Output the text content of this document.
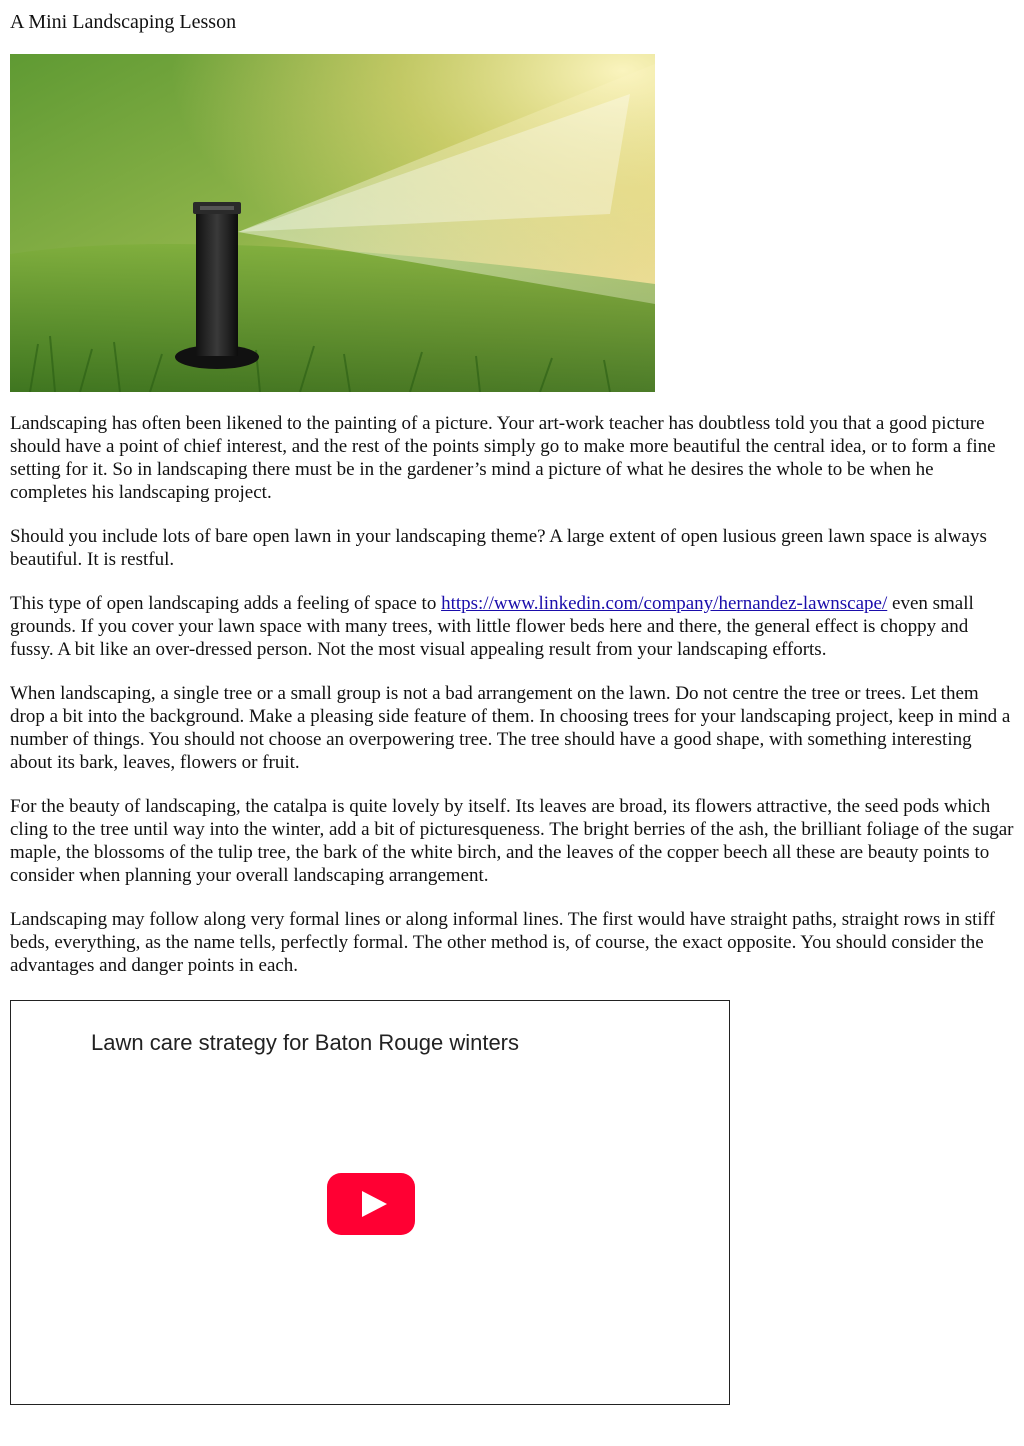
A Mini Landscaping Lesson

Landscaping has often been likened to the painting of a picture. Your art-work teacher has doubtless told you that a good picture should have a point of chief interest, and the rest of the points simply go to make more beautiful the central idea, or to form a fine setting for it. So in landscaping there must be in the gardener’s mind a picture of what he desires the whole to be when he completes his landscaping project.

Should you include lots of bare open lawn in your landscaping theme? A large extent of open lusious green lawn space is always beautiful. It is restful.

This type of open landscaping adds a feeling of space to https://www.linkedin.com/company/hernandez-lawnscape/ even small grounds. If you cover your lawn space with many trees, with little flower beds here and there, the general effect is choppy and fussy. A bit like an over-dressed person. Not the most visual appealing result from your landscaping efforts.

When landscaping, a single tree or a small group is not a bad arrangement on the lawn. Do not centre the tree or trees. Let them drop a bit into the background. Make a pleasing side feature of them. In choosing trees for your landscaping project, keep in mind a number of things. You should not choose an overpowering tree. The tree should have a good shape, with something interesting about its bark, leaves, flowers or fruit.

For the beauty of landscaping, the catalpa is quite lovely by itself. Its leaves are broad, its flowers attractive, the seed pods which cling to the tree until way into the winter, add a bit of picturesqueness. The bright berries of the ash, the brilliant foliage of the sugar maple, the blossoms of the tulip tree, the bark of the white birch, and the leaves of the copper beech all these are beauty points to consider when planning your overall landscaping arrangement.

Landscaping may follow along very formal lines or along informal lines. The first would have straight paths, straight rows in stiff beds, everything, as the name tells, perfectly formal. The other method is, of course, the exact opposite. You should consider the advantages and danger points in each.

Lawn care strategy for Baton Rouge winters
